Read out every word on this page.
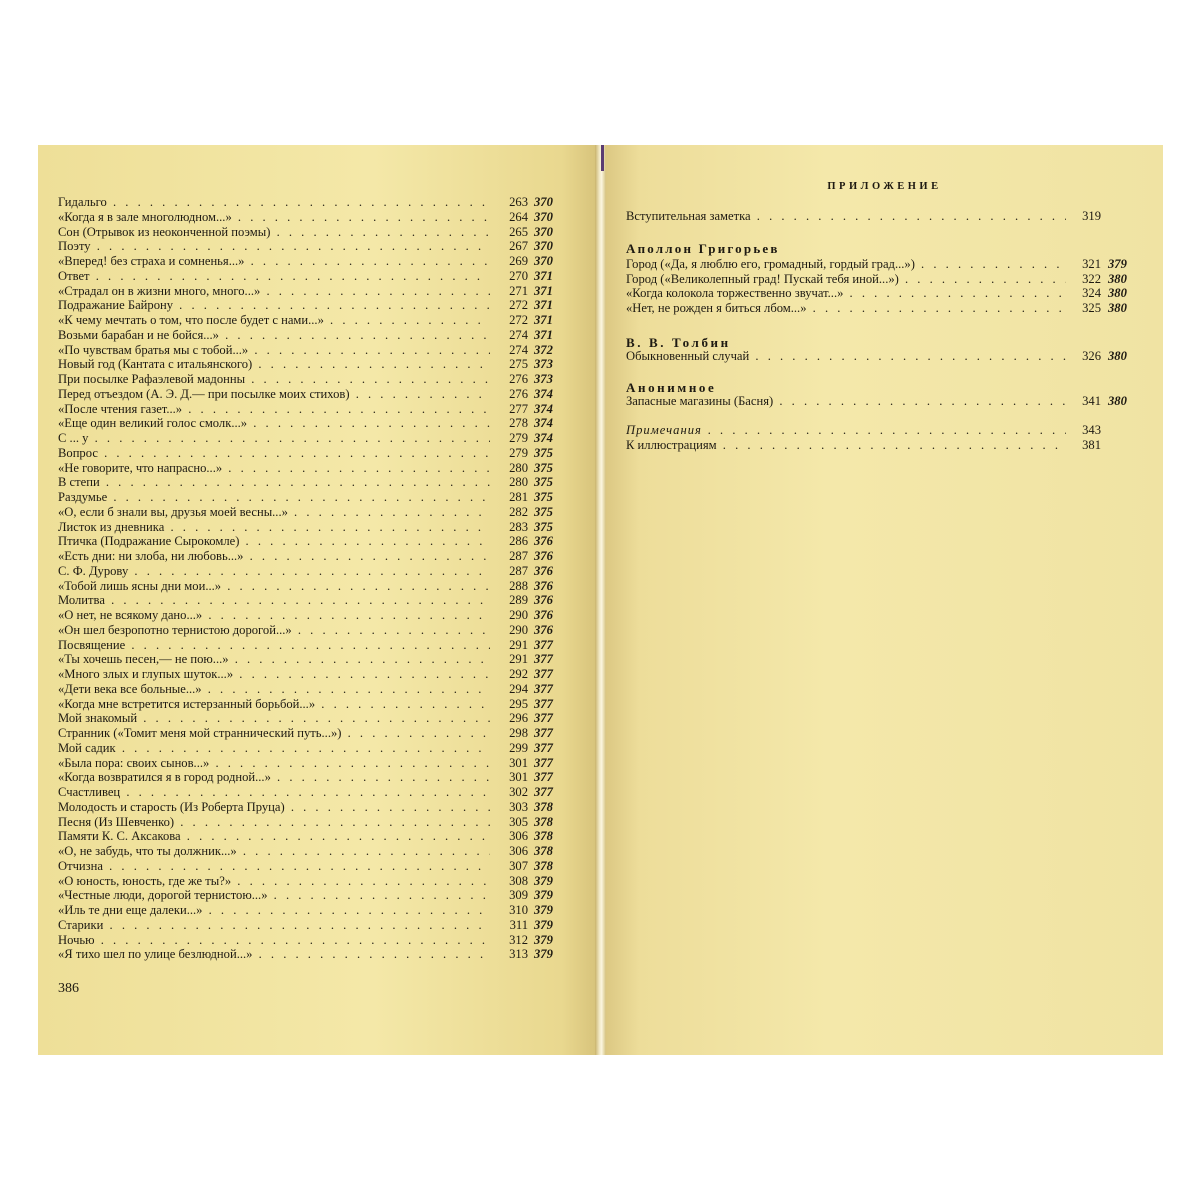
Гидальго . . .	263 370
«Когда я в зале многолюдном...» . . .	264 370
Сон (Отрывок из неоконченной поэмы) . . .	265 370
Поэту . . .	267 370
«Вперед! без страха и сомненья...» . . .	269 370
Ответ . . .	270 371
«Страдал он в жизни много, много...» . . .	271 371
Подражание Байрону . . .	272 371
«К чему мечтать о том, что после будет с нами...» . . .	272 371
Возьми барабан и не бойся...» . . .	274 371
«По чувствам братья мы с тобой...» . . .	274 372
Новый год (Кантата с итальянского) . . .	275 373
При посылке Рафаэлевой мадонны . . .	276 373
Перед отъездом (А. Э. Д.— при посылке моих стихов) . . .	276 374
«После чтения газет...» . . .	277 374
«Еще один великий голос смолк...» . . .	278 374
С ... у . . .	279 374
Вопрос . . .	279 375
«Не говорите, что напрасно...» . . .	280 375
В степи . . .	280 375
Раздумье . . .	281 375
«О, если б знали вы, друзья моей весны...» . . .	282 375
Листок из дневника . . .	283 375
Птичка (Подражание Сырокомле) . . .	286 376
«Есть дни: ни злоба, ни любовь...» . . .	287 376
С. Ф. Дурову . . .	287 376
«Тобой лишь ясны дни мои...» . . .	288 376
Молитва . . .	289 376
«О нет, не всякому дано...» . . .	290 376
«Он шел безропотно тернистою дорогой...» . . .	290 376
Посвящение . . .	291 377
«Ты хочешь песен,— не пою...» . . .	291 377
«Много злых и глупых шуток...» . . .	292 377
«Дети века все больные...» . . .	294 377
«Когда мне встретится истерзанный борьбой...» . . .	295 377
Мой знакомый . . .	296 377
Странник («Томит меня мой страннический путь...») . . .	298 377
Мой садик . . .	299 377
«Была пора: своих сынов...» . . .	301 377
«Когда возвратился я в город родной...» . . .	301 377
Счастливец . . .	302 377
Молодость и старость (Из Роберта Пруца) . . .	303 378
Песня (Из Шевченко) . . .	305 378
Памяти К. С. Аксакова . . .	306 378
«О, не забудь, что ты должник...» . . .	306 378
Отчизна . . .	307 378
«О юность, юность, где же ты?» . . .	308 379
«Честные люди, дорогой тернистою...» . . .	309 379
«Иль те дни еще далеки...» . . .	310 379
Старики . . .	311 379
Ночью . . .	312 379
«Я тихо шел по улице безлюдной...» . . .	313 379
386
ПРИЛОЖЕНИЕ
Вступительная заметка . . .	319
Аполлон Григорьев
Город («Да, я люблю его, громадный, гордый град...») . . .	321 379
Город («Великолепный град! Пускай тебя иной...») . . .	322 380
«Когда колокола торжественно звучат...» . . .	324 380
«Нет, не рожден я биться лбом...» . . .	325 380
В. В. Толбин
Обыкновенный случай . . .	326 380
Анонимное
Запасные магазины (Басня) . . .	341 380
Примечания . . .	343
К иллюстрациям . . .	381
